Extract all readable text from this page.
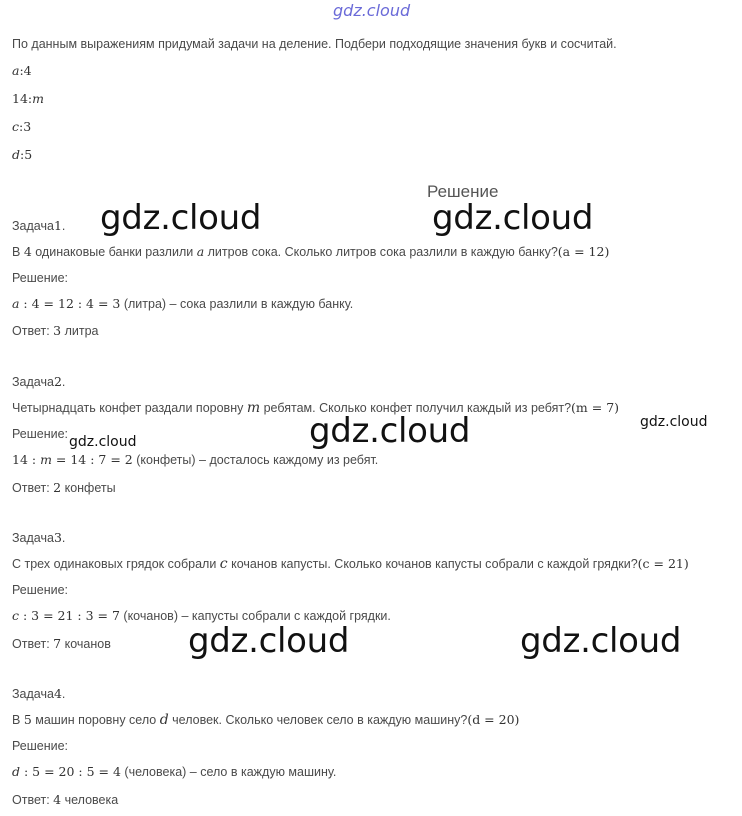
gdz.cloud
По данным выражениям придумай задачи на деление. Подбери подходящие значения букв и сосчитай.
a : 4
14 : m
c : 3
d : 5
Решение
Задача 1 . gdz.cloud	gdz.cloud
В 4 одинаковые банки разлили a литров сока. Сколько литров сока разлили в каждую банку? (a = 12)
Решение:
a : 4 = 12 : 4 = 3 (литра) – сока разлили в каждую банку.
Ответ: 3 литра
Задача 2 .
Четырнадцать конфет раздали поровну m ребятам. Сколько конфет получил каждый из ребят? (m = 7)
Решение: gdz.cloud	gdz.cloud	gdz.cloud
14 : m = 14 : 7 = 2 (конфеты) – досталось каждому из ребят.
Ответ: 2 конфеты
Задача 3 .
С трех одинаковых грядок собрали c кочанов капусты. Сколько кочанов капусты собрали с каждой грядки? (c = 21)
Решение:
c : 3 = 21 : 3 = 7 (кочанов) – капусты собрали с каждой грядки.
Ответ: 7 кочанов gdz.cloud	gdz.cloud
Задача 4 .
В 5 машин поровну село d человек. Сколько человек село в каждую машину? (d = 20)
Решение:
d : 5 = 20 : 5 = 4 (человека) – село в каждую машину.
Ответ: 4 человека
